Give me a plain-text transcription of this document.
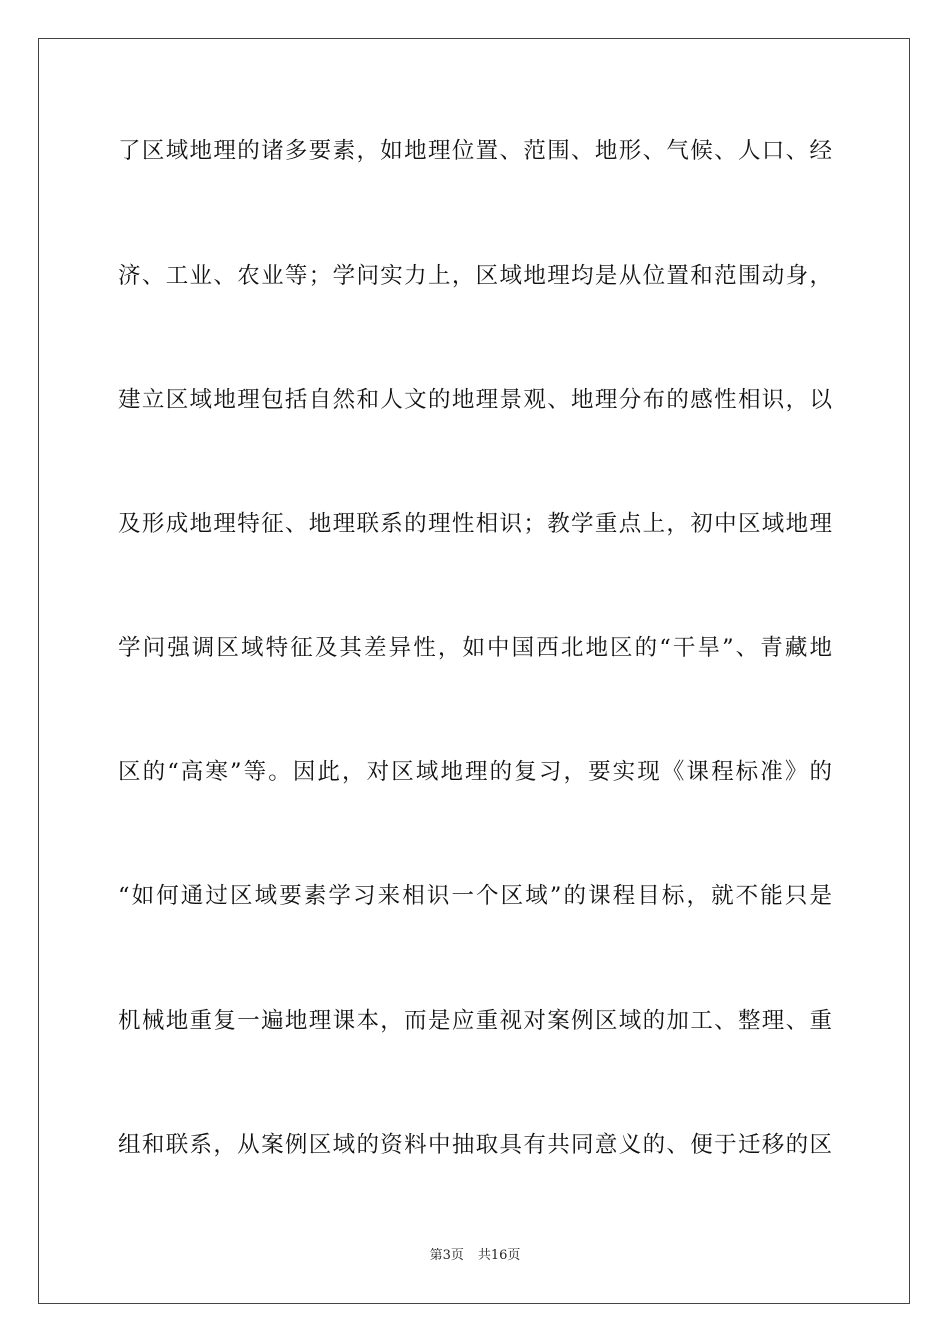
了区域地理的诸多要素，如地理位置、范围、地形、气候、人口、经
济、工业、农业等；学问实力上，区域地理均是从位置和范围动身，
建立区域地理包括自然和人文的地理景观、地理分布的感性相识，以
及形成地理特征、地理联系的理性相识；教学重点上，初中区域地理
学问强调区域特征及其差异性，如中国西北地区的“干旱”、青藏地
区的“高寒”等。因此，对区域地理的复习，要实现《课程标准》的
“如何通过区域要素学习来相识一个区域”的课程目标，就不能只是
机械地重复一遍地理课本，而是应重视对案例区域的加工、整理、重
组和联系，从案例区域的资料中抽取具有共同意义的、便于迁移的区
第3页 共16页
